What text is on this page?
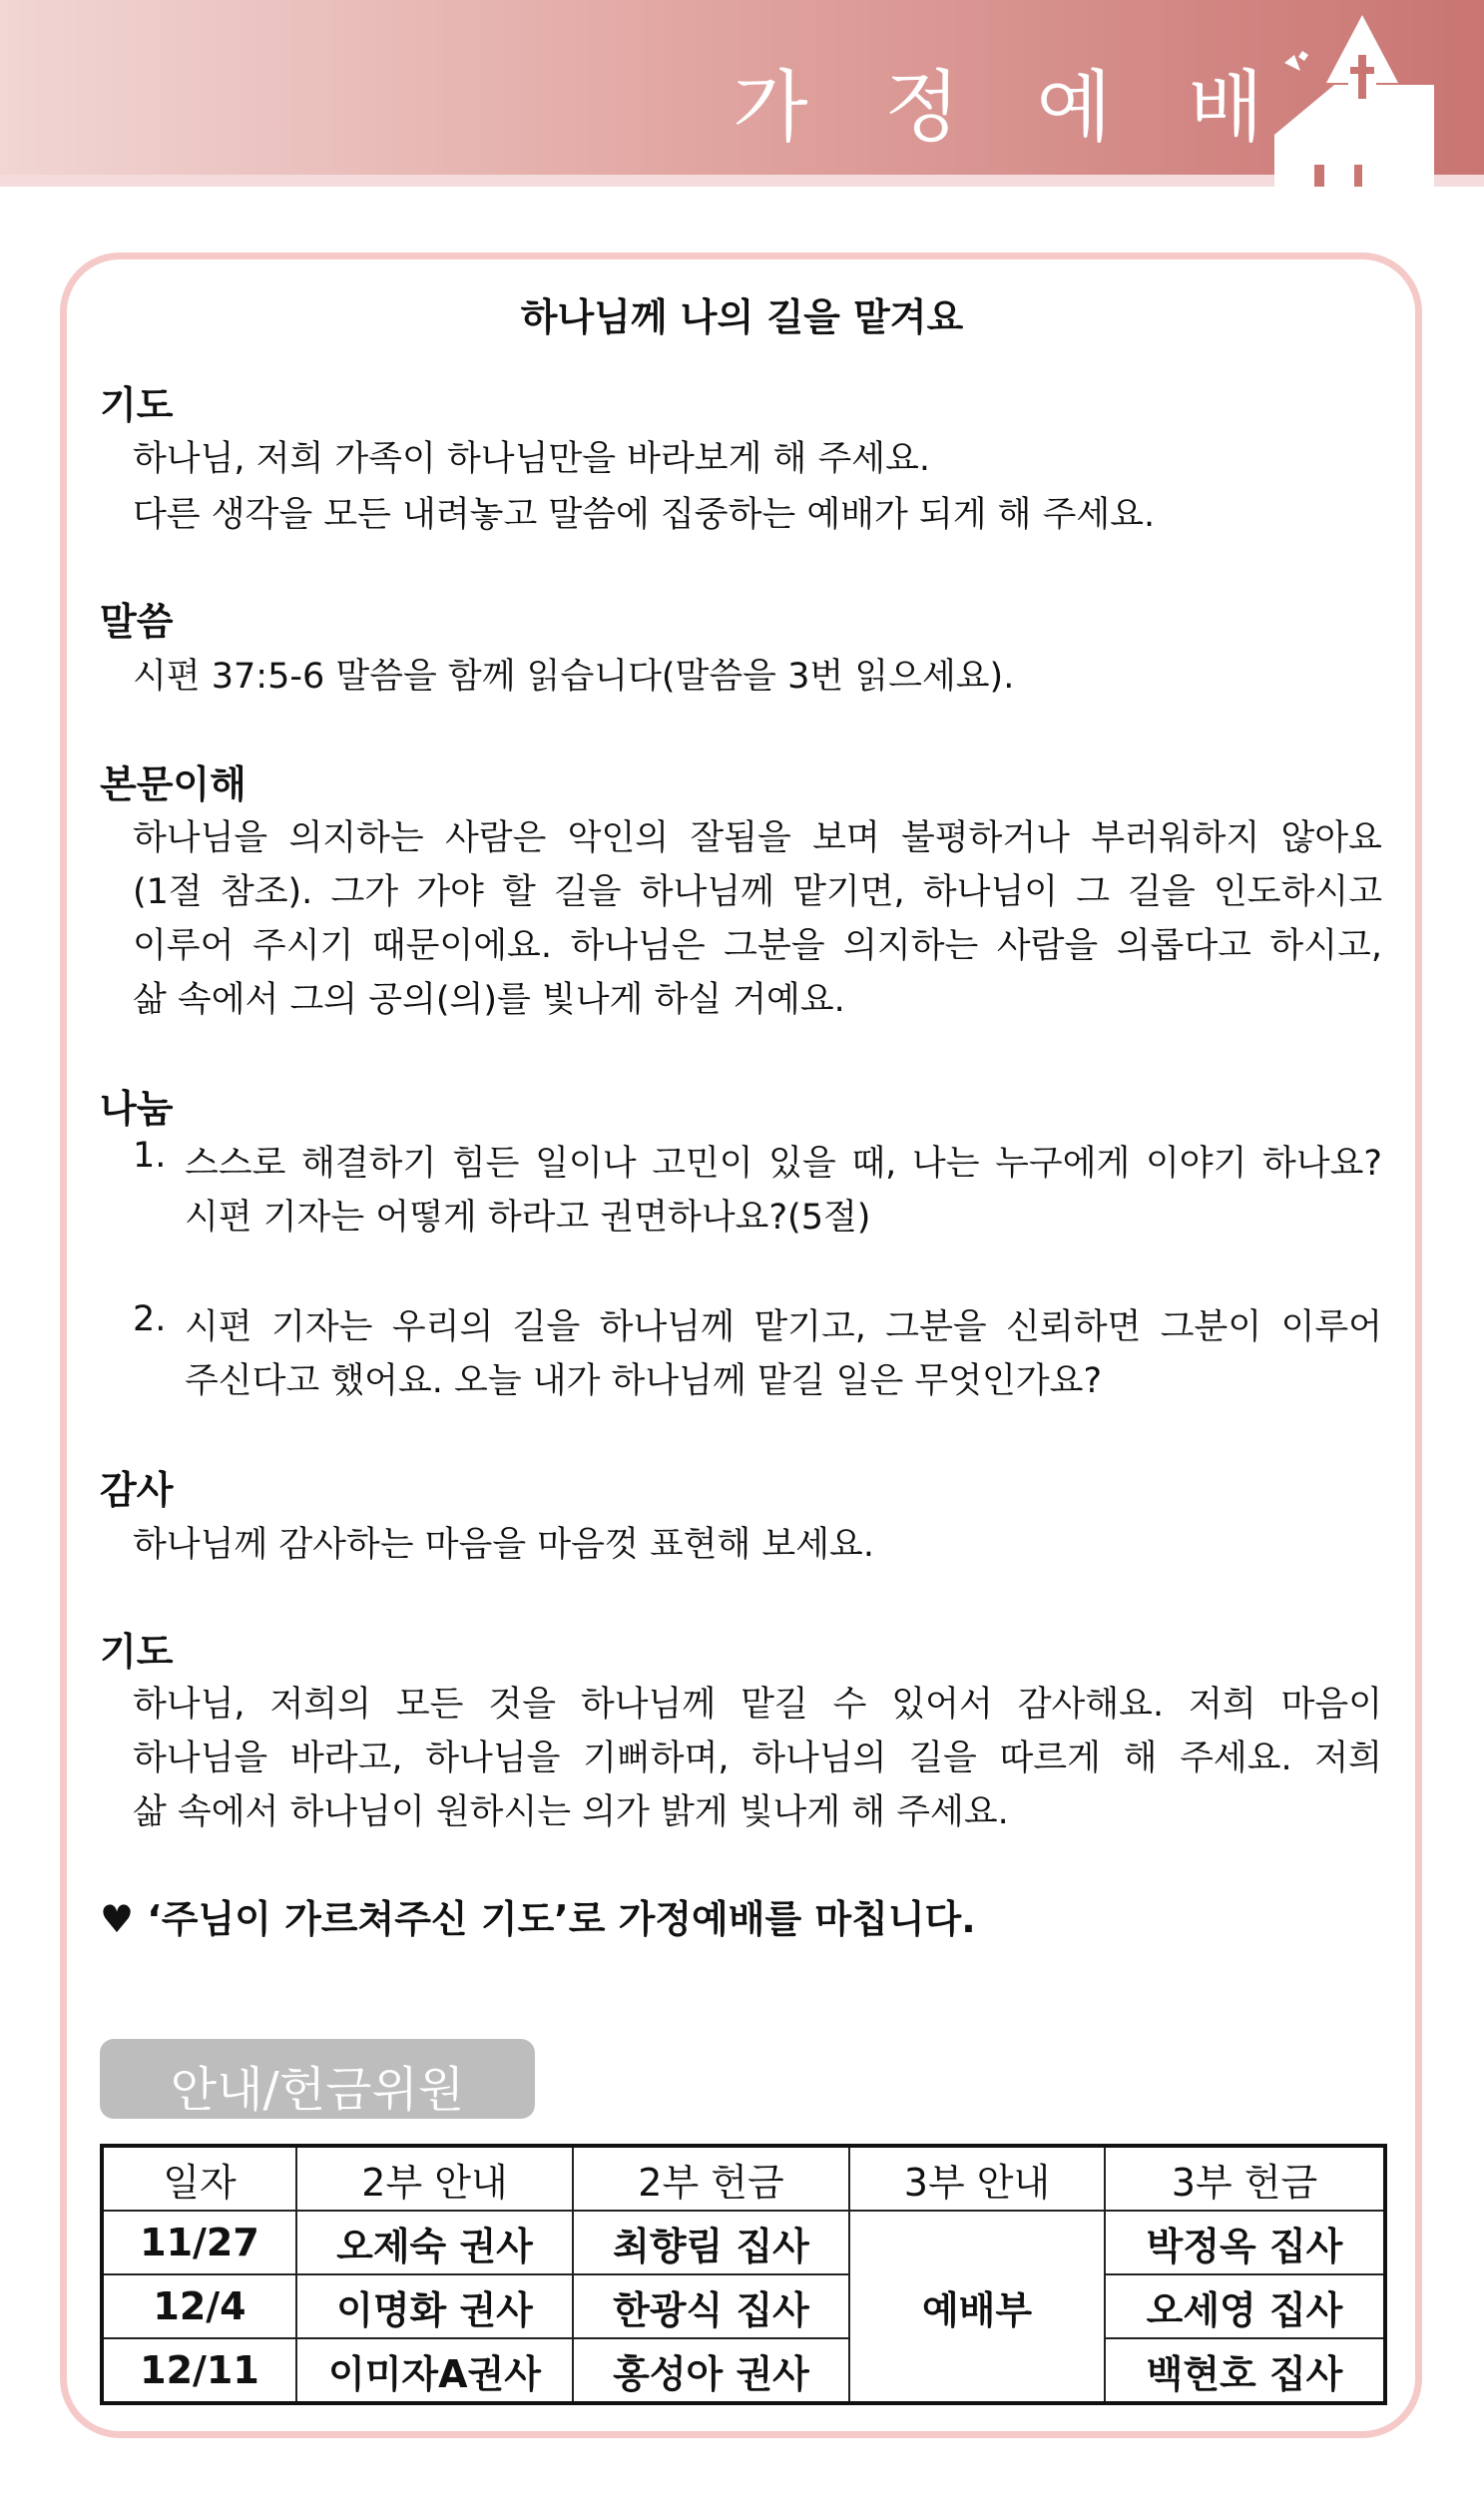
가 정 예 배
하나님께 나의 길을 맡겨요
기도
하나님, 저희 가족이 하나님만을 바라보게 해 주세요.
다른 생각을 모든 내려놓고 말씀에 집중하는 예배가 되게 해 주세요.
말씀
시편 37:5-6 말씀을 함께 읽습니다(말씀을 3번 읽으세요).
본문이해
하나님을 의지하는 사람은 악인의 잘됨을 보며 불평하거나 부러워하지 않아요
(1절 참조). 그가 가야 할 길을 하나님께 맡기면, 하나님이 그 길을 인도하시고
이루어 주시기 때문이에요. 하나님은 그분을 의지하는 사람을 의롭다고 하시고,
삶 속에서 그의 공의(의)를 빛나게 하실 거예요.
나눔
1. 스스로 해결하기 힘든 일이나 고민이 있을 때, 나는 누구에게 이야기 하나요?
시편 기자는 어떻게 하라고 권면하나요?(5절)
2. 시편 기자는 우리의 길을 하나님께 맡기고, 그분을 신뢰하면 그분이 이루어
주신다고 했어요. 오늘 내가 하나님께 맡길 일은 무엇인가요?
감사
하나님께 감사하는 마음을 마음껏 표현해 보세요.
기도
하나님, 저희의 모든 것을 하나님께 맡길 수 있어서 감사해요. 저희 마음이
하나님을 바라고, 하나님을 기뻐하며, 하나님의 길을 따르게 해 주세요. 저희
삶 속에서 하나님이 원하시는 의가 밝게 빛나게 해 주세요.
♥ ‘주님이 가르쳐주신 기도’로 가정예배를 마칩니다.
안내/헌금위원
일자	2부 안내	2부 헌금	3부 안내	3부 헌금
11/27	오제숙 권사	최향림 집사	예배부	박정옥 집사
12/4	이명화 권사	한광식 집사		오세영 집사
12/11	이미자A권사	홍성아 권사		백현호 집사
